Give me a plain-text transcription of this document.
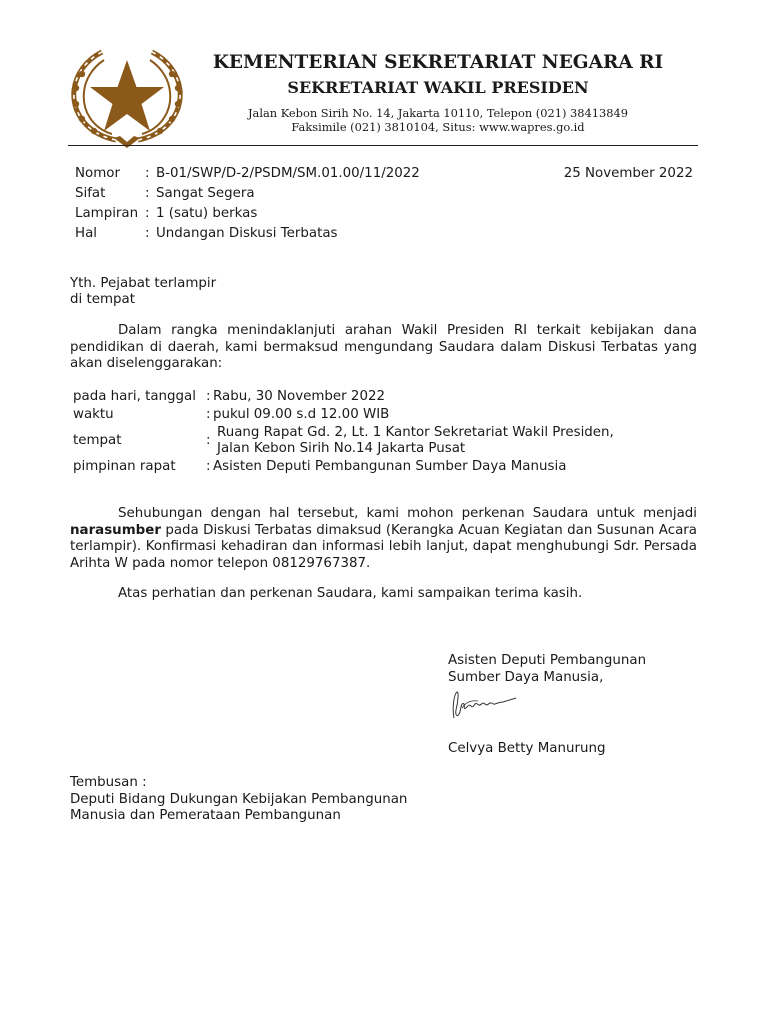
KEMENTERIAN SEKRETARIAT NEGARA RI
SEKRETARIAT WAKIL PRESIDEN
Jalan Kebon Sirih No. 14, Jakarta 10110, Telepon (021) 38413849
Faksimile (021) 3810104, Situs: www.wapres.go.id
Nomor : B-01/SWP/D-2/PSDM/SM.01.00/11/2022	25 November 2022
Sifat	: Sangat Segera
Lampiran : 1 (satu) berkas
Hal	: Undangan Diskusi Terbatas
Yth. Pejabat terlampir
di tempat
Dalam rangka menindaklanjuti arahan Wakil Presiden RI terkait kebijakan dana pendidikan di daerah, kami bermaksud mengundang Saudara dalam Diskusi Terbatas yang akan diselenggarakan:
pada hari, tanggal : Rabu, 30 November 2022
waktu	: pukul 09.00 s.d 12.00 WIB
tempat	:
Ruang Rapat Gd. 2, Lt. 1 Kantor Sekretariat Wakil Presiden,
Jalan Kebon Sirih No.14 Jakarta Pusat
pimpinan rapat : Asisten Deputi Pembangunan Sumber Daya Manusia
Sehubungan dengan hal tersebut, kami mohon perkenan Saudara untuk menjadi narasumber pada Diskusi Terbatas dimaksud (Kerangka Acuan Kegiatan dan Susunan Acara terlampir). Konfirmasi kehadiran dan informasi lebih lanjut, dapat menghubungi Sdr. Persada Arihta W pada nomor telepon 08129767387.
Atas perhatian dan perkenan Saudara, kami sampaikan terima kasih.
Asisten Deputi Pembangunan
Sumber Daya Manusia,
Celvya Betty Manurung
Tembusan :
Deputi Bidang Dukungan Kebijakan Pembangunan
Manusia dan Pemerataan Pembangunan
